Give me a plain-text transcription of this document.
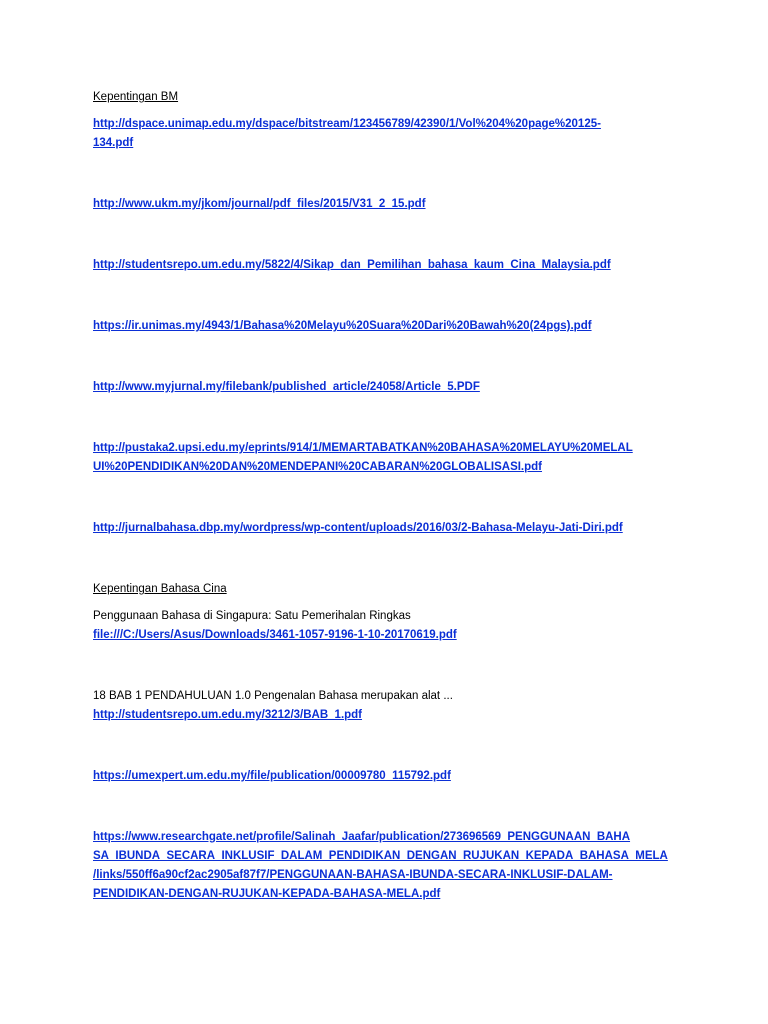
Kepentingan BM
http://dspace.unimap.edu.my/dspace/bitstream/123456789/42390/1/Vol%204%20page%20125-
134.pdf
http://www.ukm.my/jkom/journal/pdf_files/2015/V31_2_15.pdf
http://studentsrepo.um.edu.my/5822/4/Sikap_dan_Pemilihan_bahasa_kaum_Cina_Malaysia.pdf
https://ir.unimas.my/4943/1/Bahasa%20Melayu%20Suara%20Dari%20Bawah%20(24pgs).pdf
http://www.myjurnal.my/filebank/published_article/24058/Article_5.PDF
http://pustaka2.upsi.edu.my/eprints/914/1/MEMARTABATKAN%20BAHASA%20MELAYU%20MELAL
UI%20PENDIDIKAN%20DAN%20MENDEPANI%20CABARAN%20GLOBALISASI.pdf
http://jurnalbahasa.dbp.my/wordpress/wp-content/uploads/2016/03/2-Bahasa-Melayu-Jati-Diri.pdf
Kepentingan Bahasa Cina
Penggunaan Bahasa di Singapura: Satu Pemerihalan Ringkas
file:///C:/Users/Asus/Downloads/3461-1057-9196-1-10-20170619.pdf
18 BAB 1 PENDAHULUAN 1.0 Pengenalan Bahasa merupakan alat ...
http://studentsrepo.um.edu.my/3212/3/BAB_1.pdf
https://umexpert.um.edu.my/file/publication/00009780_115792.pdf
https://www.researchgate.net/profile/Salinah_Jaafar/publication/273696569_PENGGUNAAN_BAHA
SA_IBUNDA_SECARA_INKLUSIF_DALAM_PENDIDIKAN_DENGAN_RUJUKAN_KEPADA_BAHASA_MELA
/links/550ff6a90cf2ac2905af87f7/PENGGUNAAN-BAHASA-IBUNDA-SECARA-INKLUSIF-DALAM-
PENDIDIKAN-DENGAN-RUJUKAN-KEPADA-BAHASA-MELA.pdf
